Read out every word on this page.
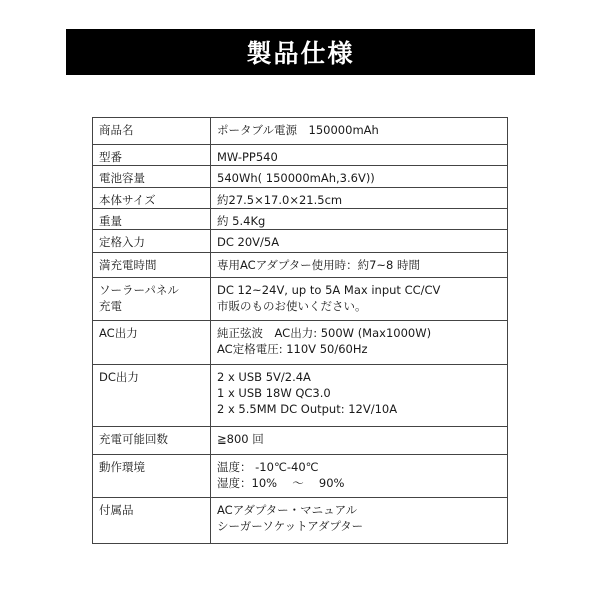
製品仕様
商品名	ポータブル電源　150000mAh

型番	MW-PP540

電池容量	540Wh( 150000mAh,3.6V))

本体サイズ	約27.5×17.0×21.5cm

重量	約 5.4Kg

定格入力	DC 20V/5A

満充電時間	専用ACアダプター使用時：約7~8 時間

ソーラーパネル
充電	DC 12~24V, up to 5A Max input CC/CV
市販のものお使いください。

AC出力	純正弦波　AC出力: 500W (Max1000W)
AC定格電圧: 110V 50/60Hz

DC出力	2 x USB 5V/2.4A
1 x USB 18W QC3.0
2 x 5.5MM DC Output: 12V/10A

充電可能回数	≧800 回

動作環境	温度： -10℃-40℃
湿度：10%　 ～　 90%

付属品	ACアダプター・マニュアル
シーガーソケットアダプター
